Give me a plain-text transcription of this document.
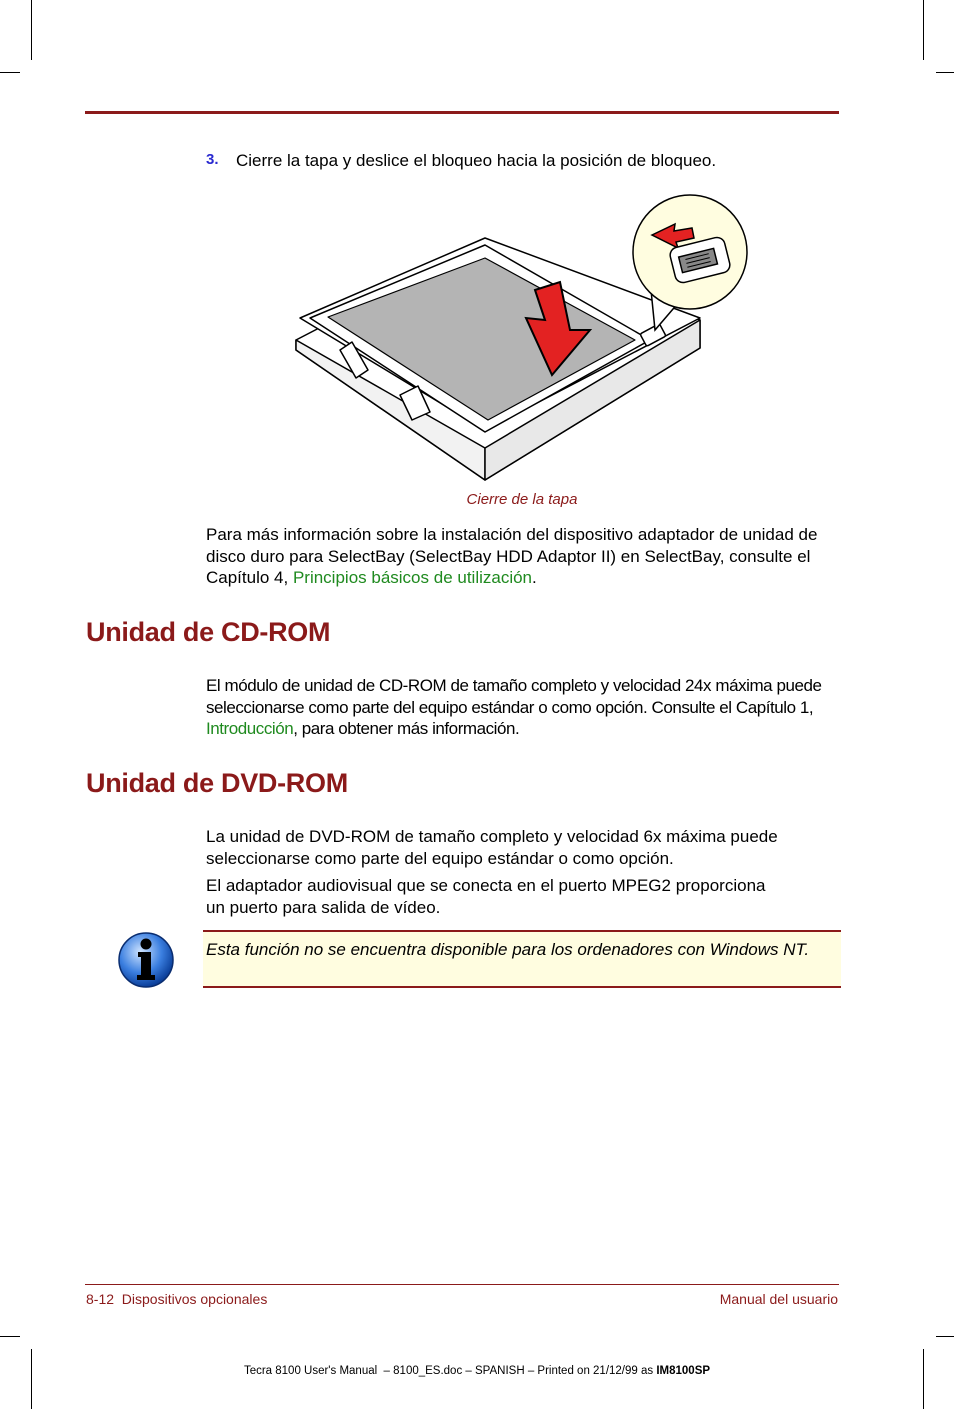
3. Cierre la tapa y deslice el bloqueo hacia la posición de bloqueo.
Cierre de la tapa
Para más información sobre la instalación del dispositivo adaptador de unidad de disco duro para SelectBay (SelectBay HDD Adaptor II) en SelectBay, consulte el Capítulo 4, Principios básicos de utilización.
Unidad de CD-ROM
El módulo de unidad de CD-ROM de tamaño completo y velocidad 24x máxima puede seleccionarse como parte del equipo estándar o como opción. Consulte el Capítulo 1, Introducción, para obtener más información.
Unidad de DVD-ROM
La unidad de DVD-ROM de tamaño completo y velocidad 6x máxima puede seleccionarse como parte del equipo estándar o como opción.
El adaptador audiovisual que se conecta en el puerto MPEG2 proporciona un puerto para salida de vídeo.
Esta función no se encuentra disponible para los ordenadores con Windows NT.
8-12  Dispositivos opcionales	Manual del usuario
Tecra 8100 User's Manual  – 8100_ES.doc – SPANISH – Printed on 21/12/99 as IM8100SP
